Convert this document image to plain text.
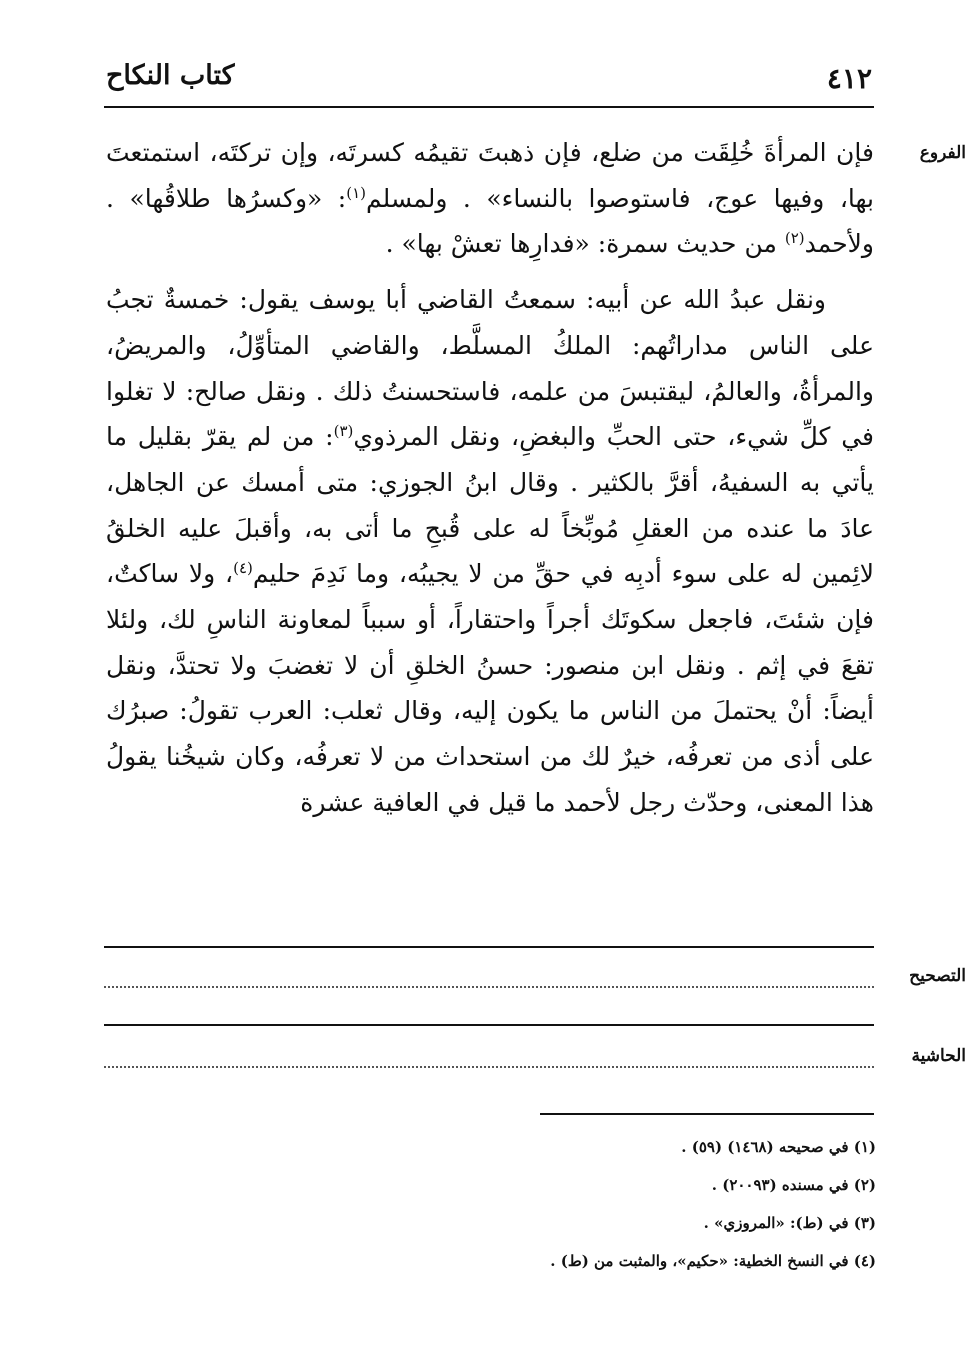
٤١٢
كتاب النكاح
الفروع

فإن المرأةَ خُلِقَت من ضلع، فإن ذهبتَ تقيمُه كسرتَه، وإن تركتَه، استمتعتَ بها، وفيها عوج، فاستوصوا بالنساء» . ولمسلم$^{(١)}$: «وكسرُها طلاقُها» . ولأحمد$^{(٢)}$ من حديث سمرة: «فدارِها تعشْ بها» .

ونقل عبدُ الله عن أبيه: سمعتُ القاضي أبا يوسف يقول: خمسةٌ تجبُ على الناس مداراتُهم: الملكُ المسلَّط، والقاضي المتأوِّلُ، والمريضُ، والمرأةُ، والعالمُ، ليقتبسَ من علمه، فاستحسنتُ ذلك . ونقل صالح: لا تغلوا في كلِّ شيء، حتى الحبِّ والبغضِ، ونقل المرذوي$^{(٣)}$: من لم يقرّ بقليل ما يأتي به السفيهُ، أقرَّ بالكثير . وقال ابنُ الجوزي: متى أمسك عن الجاهل، عادَ ما عنده من العقلِ مُوبِّخاً له على قُبحِ ما أتى به، وأقبلَ عليه الخلقُ لائِمين له على سوء أدبِه في حقِّ من لا يجيبُه، وما نَدِمَ حليم$^{(٤)}$، ولا ساكتٌ، فإن شئتَ، فاجعل سكوتَك أجراً واحتقاراً، أو سبباً لمعاونة الناسِ لك، ولئلا تقعَ في إثم . ونقل ابن منصور: حسنُ الخلقِ أن لا تغضبَ ولا تحتدَّ، ونقل أيضاً: أنْ يحتملَ من الناس ما يكون إليه، وقال ثعلب: العرب تقولُ: صبرُك على أذى من تعرفُه، خيرٌ لك من استحداث من لا تعرفُه، وكان شيخُنا يقولُ هذا المعنى، وحدّث رجل لأحمد ما قيل في العافية عشرة

التصحيح
الحاشية
(١) في صحيحه (١٤٦٨) (٥٩) .
(٢) في مسنده (٢٠٠٩٣) .
(٣) في (ط): «المروزي» .
(٤) في النسخ الخطية: «حكيم»، والمثبت من (ط) .
